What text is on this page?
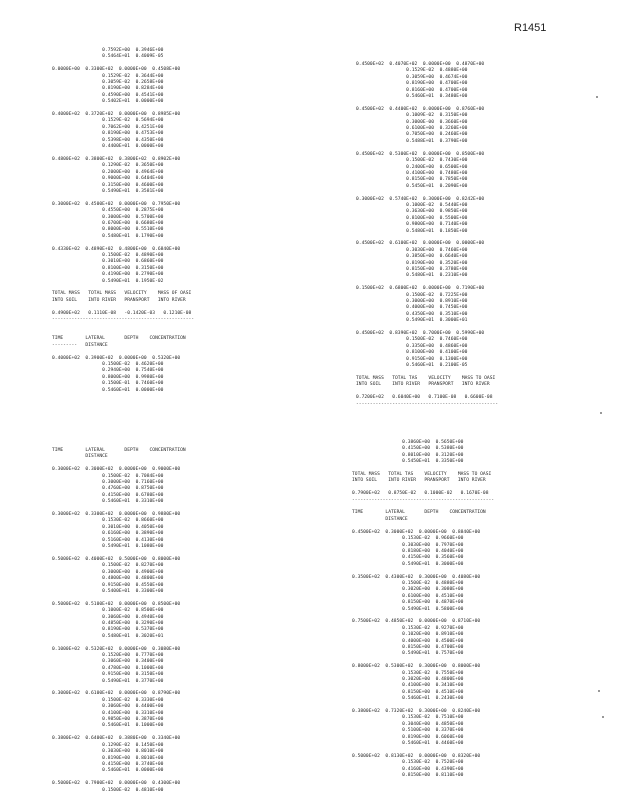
R1451
0.7592E+00  0.3946E+00
0.5464E+01  0.4009E-05

0.0000E+00  0.3300E+02  0.0000E+00  0.4508E+00
0.1529E-02  0.3644E+00
0.3059E-02  0.2658E+00
0.8190E+00  0.8284E+00
0.4590E+00  0.4541E+00
0.5402E+01  0.0000E+00

0.4000E+02  0.3720E+02  0.0000E+00  0.8985E+00
0.1529E-02  0.5694E+00
0.7062E+00  0.4251E+00
0.8190E+00  0.4753E+00
0.5398E+00  0.4350E+00
0.4400E+01  0.0000E+00

0.4800E+02  0.3800E+02  0.3800E+02  0.8902E+00
0.1290E-02  0.3650E+00
0.2000E+00  0.4964E+00
0.9000E+00  0.6404E+00
0.3150E+00  0.4600E+00
0.5490E+01  0.3581E+00

0.3000E+02  0.4500E+02  0.0000E+00  0.7950E+00
0.4550E+00  0.2875E+00
0.3000E+00  0.5700E+00
0.6700E+00  0.6680E+00
0.8000E+00  0.5510E+00
0.5480E+01  0.1790E+00

0.4330E+02  0.4890E+02  0.4800E+00  0.6840E+00
0.1500E-02  0.4890E+00
0.3010E+00  0.6860E+00
0.8100E+00  0.3150E+00
0.4190E+00  0.2790E+00
0.5490E+01  0.1950E-02

TOTAL MASS   TOTAL MASS   VELOCITY    MASS OF OASI
INTO SOIL    INTO RIVER   PRANSPORT   INTO RIVER

0.4900E+02   0.1110E-08   -0.1420E-03   0.1210E-08
---------------------------------------------------

TIME        LATERAL       DEPTH    CONCENTRATION
---------   DISTANCE

0.4000E+02  0.3900E+02  0.0000E+00  0.5320E+00
0.1500E-02  0.4620E+00
0.2940E+00  0.7540E+00
0.8000E+00  0.9980E+00
0.1500E-01  0.7460E+00
0.5460E+01  0.0000E+00
0.4500E+02  0.4070E+02  0.0000E+00  0.4870E+00
0.1529E-02  0.4880E+00
0.3059E+00  0.4674E+00
0.8190E+00  0.4700E+00
0.8160E+00  0.4700E+00
0.5460E+01  0.3480E+00

0.4500E+02  0.4400E+02  0.0000E+00  0.8760E+00
0.1009E-02  0.3150E+00
0.3000E-00  0.3660E+00
0.6100E+00  0.3260E+00
0.7050E+00  0.2460E+00
0.5488E+01  0.3790E+00

0.4500E+02  0.5300E+02  0.0000E+00  0.8500E+00
0.1500E-02  0.7430E+00
0.2400E+00  0.6500E+00
0.4100E+00  0.7480E+00
0.8150E+00  0.7850E+00
0.5450E+01  0.2090E+00

0.3000E+02  0.5740E+02  0.3000E+00  0.8242E+00
0.1000E-02  0.5440E+00
0.3630E+00  0.9850E+00
0.8100E+00  0.5500E+00
0.9800E+00  0.7140E+00
0.5480E+01  0.1850E+00

0.4500E+02  0.6100E+02  0.0000E+00  0.0000E+00
0.3030E+00  0.7460E+00
0.3850E+00  0.6640E+00
0.8190E+00  0.3520E+00
0.8150E+00  0.3780E+00
0.5480E+01  0.2310E+00

0.1500E+02  0.6800E+02  0.0000E+00  0.7190E+00
0.1500E-02  0.7225E+00
0.3000E+00  0.8910E+00
0.4000E+00  0.7450E+00
0.4350E+00  0.3510E+00
0.5490E+01  0.3000E+01

0.4500E+02  0.8390E+02  0.7000E+00  0.5990E+00
0.1500E-02  0.7460E+00
0.3350E+00  0.4860E+00
0.8100E+00  0.4100E+00
0.9150E+00  0.1300E+00
0.5460E+01  0.2100E-05

TOTAL MASS   TOTAL TAS    VELOCITY    MASS TO OASI
INTO SOIL    INTO RIVER   PRANSPORT   INTO RIVER

0.7200E+02   0.6040E+00   0.7100E-08   0.6600E-08
---------------------------------------------------
TIME        LATERAL       DEPTH    CONCENTRATION
DISTANCE

0.3000E+02  0.3000E+02  0.0000E+00  0.9000E+00
0.1500E-02  0.7084E+00
0.3000E+00  0.7160E+00
0.4760E+00  0.8750E+00
0.4150E+00  0.6780E+00
0.5460E+01  0.3310E+00

0.3000E+02  0.3300E+02  0.0000E+00  0.9880E+00
0.1530E-02  0.8660E+00
0.3010E+00  0.4050E+00
0.6160E+00  0.3890E+00
0.5160E+00  0.4130E+00
0.5490E+01  0.1080E+00

0.5000E+02  0.4000E+02  0.5000E+00  0.8000E+00
0.1500E-02  0.8270E+00
0.3000E+00  0.4900E+00
0.4800E+00  0.4800E+00
0.9150E+00  0.4550E+00
0.5400E+01  0.3300E+00

0.5000E+02  0.5100E+02  0.0000E+00  0.8500E+00
0.1000E-02  0.8500E+00
0.3060E+00  0.4940E+00
0.4850E+00  0.3290E+00
0.8190E+00  0.5370E+00
0.5480E+01  0.3020E+01

0.1000E+02  0.5320E+02  0.0000E+00  0.3080E+00
0.1520E+00  0.7770E+00
0.3060E+00  0.3400E+00
0.4780E+00  0.1000E+00
0.9150E+00  0.3150E+00
0.5490E+01  0.3770E+00

0.3000E+02  0.6100E+02  0.0000E+00  0.8790E+00
0.1500E-02  0.3330E+00
0.3060E+00  0.4400E+00
0.4100E+00  0.3310E+00
0.9850E+00  0.3870E+00
0.5460E+01  0.1000E+00

0.3800E+02  0.6400E+02  0.3880E+00  0.3340E+00
0.1290E-02  0.1450E+00
0.3030E+00  0.8010E+00
0.8190E+00  0.8010E+00
0.4150E+00  0.3740E+00
0.5460E+01  0.0000E+00

0.5000E+02  0.7900E+02  0.0000E+00  0.4300E+00
0.1500E-02  0.4810E+00
0.3860E+00  0.5650E+00
0.4150E+00  0.5380E+00
0.8010E+00  0.3120E+00
0.5450E+01  0.3350E+00

TOTAL MASS   TOTAL TAS    VELOCITY    MASS TO OASI
INTO SOIL    INTO RIVER   PRANSPORT   INTO RIVER

0.7900E+02   0.8750E-02   0.1000E-02   0.1670E-08
---------------------------------------------------

TIME        LATERAL       DEPTH    CONCENTRATION
DISTANCE

0.4500E+02  0.3000E+02  0.0000E+00  0.8840E+00
0.1530E-02  0.9660E+00
0.3030E+00  0.7970E+00
0.8180E+00  0.4040E+00
0.4150E+00  0.3560E+00
0.5490E+01  0.3000E+00

0.3500E+02  0.4300E+02  0.3000E+00  0.4080E+00
0.1500E-02  0.4880E+00
0.3020E+00  0.3080E+00
0.6100E+00  0.4510E+00
0.8150E+00  0.4870E+00
0.5490E+01  0.5800E+00

0.7500E+02  0.4850E+02  0.0000E+00  0.8710E+00
0.1530E-02  0.9270E+00
0.1020E+00  0.8910E+00
0.4000E+00  0.4500E+00
0.8150E+00  0.4700E+00
0.5490E+01  0.7570E+00

0.8000E+02  0.5300E+02  0.3000E+00  0.8000E+00
0.1530E-02  0.7550E+00
0.3020E+00  0.4800E+00
0.4100E+00  0.3410E+00
0.8150E+00  0.4510E+00
0.5460E+01  0.2430E+00

0.3800E+02  0.7320E+02  0.3000E+00  0.8240E+00
0.1530E-02  0.7510E+00
0.3040E+00  0.4850E+00
0.5100E+00  0.3370E+00
0.8190E+00  0.6060E+00
0.5460E+01  0.4460E+00

0.5000E+02  0.8130E+02  0.0000E+00  0.8320E+00
0.1530E-02  0.7520E+00
0.4160E+00  0.4390E+00
0.8150E+00  0.8110E+00
